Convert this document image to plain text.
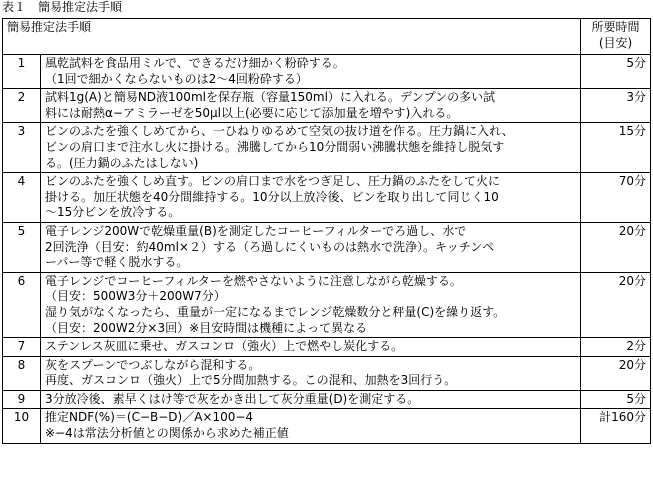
表１　簡易推定法手順
簡易推定法手順		所要時間
(目安)

1	風乾試料を食品用ミルで、できるだけ細かく粉砕する。
（1回で細かくならないものは2～4回粉砕する）	5分
2	試料1g(A)と簡易ND液100mlを保存瓶（容量150ml）に入れる。デンプンの多い試
料には耐熱α−アミラーゼを50μl以上(必要に応じて添加量を増やす)入れる。	3分
3	ビンのふたを強くしめてから、一ひねりゆるめて空気の抜け道を作る。圧力鍋に入れ、
ビンの肩口まで注水し火に掛ける。沸騰してから10分間弱い沸騰状態を維持し脱気す
る。(圧力鍋のふたはしない)	15分
4	ビンのふたを強くしめ直す。ビンの肩口まで水をつぎ足し、圧力鍋のふたをして火に
掛ける。加圧状態を40分間維持する。10分以上放冷後、ビンを取り出して同じく10
～15分ビンを放冷する。	70分
5	電子レンジ200Wで乾燥重量(B)を測定したコーヒーフィルターでろ過し、水で
2回洗浄（目安：約40ml×２）する（ろ過しにくいものは熱水で洗浄）。キッチンペ
ーパー等で軽く脱水する。	20分
6	電子レンジでコーヒーフィルターを燃やさないように注意しながら乾燥する。
（目安：500W3分＋200W7分）
湿り気がなくなったら、重量が一定になるまでレンジ乾燥数分と秤量(C)を繰り返す。
（目安：200W2分×3回）※目安時間は機種によって異なる	20分
7	ステンレス灰皿に乗せ、ガスコンロ（強火）上で燃やし炭化する。	2分
8	灰をスプーンでつぶしながら混和する。
再度、ガスコンロ（強火）上で5分間加熱する。この混和、加熱を3回行う。	20分
9	3分放冷後、素早くはけ等で灰をかき出して灰分重量(D)を測定する。	5分
10	推定NDF(%)＝(C−B−D)／A×100−4
※−4は常法分析値との関係から求めた補正値	計160分
